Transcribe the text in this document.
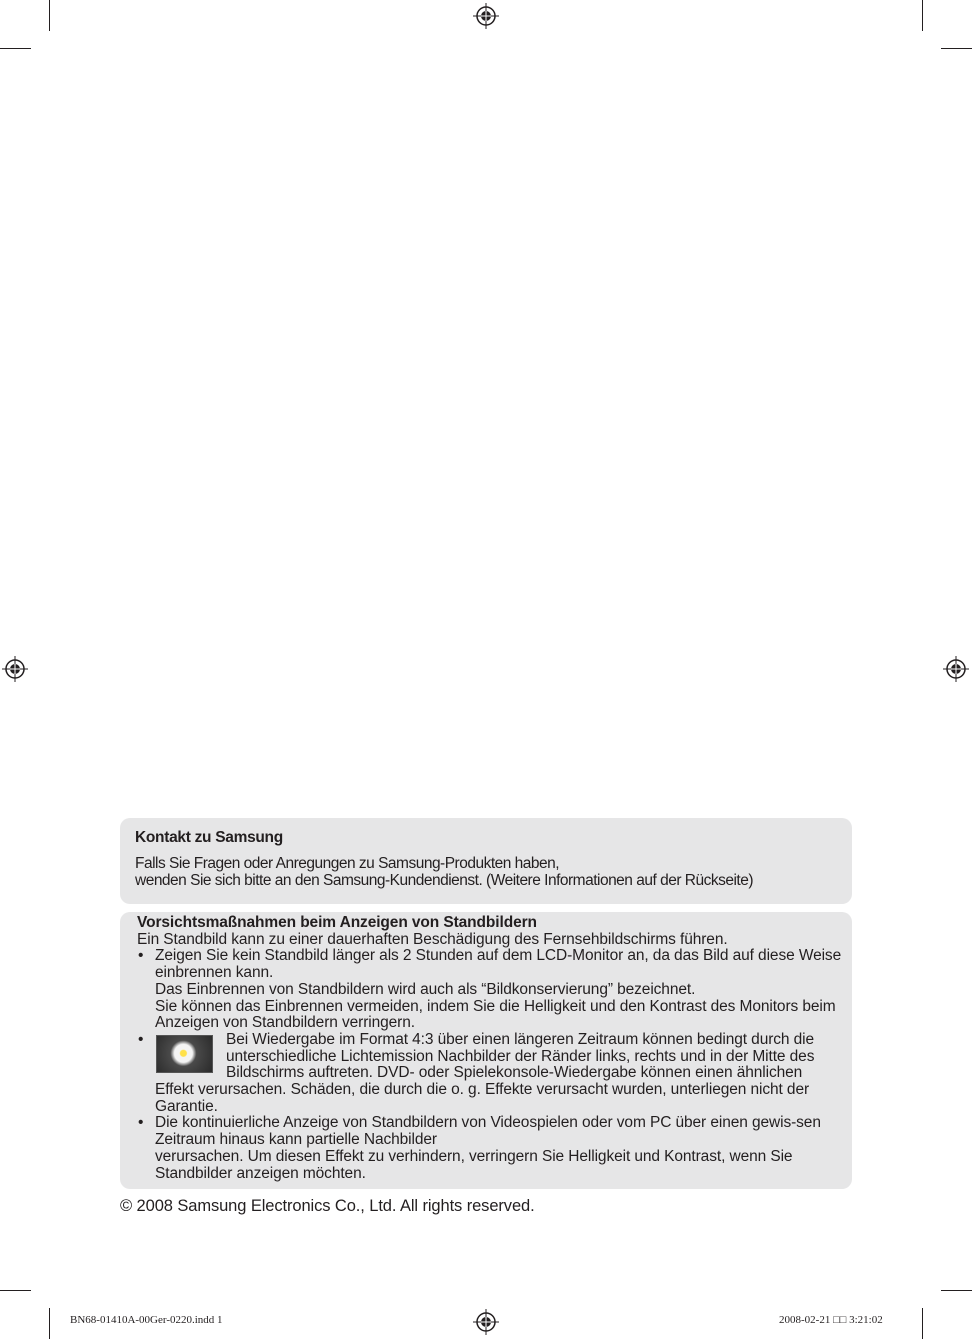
Kontakt zu Samsung
Falls Sie Fragen oder Anregungen zu Samsung-Produkten haben,
wenden Sie sich bitte an den Samsung-Kundendienst. (Weitere Informationen auf der Rückseite)
Vorsichtsmaßnahmen beim Anzeigen von Standbildern
Ein Standbild kann zu einer dauerhaften Beschädigung des Fernsehbildschirms führen.
• Zeigen Sie kein Standbild länger als 2 Stunden auf dem LCD-Monitor an, da das Bild auf diese Weise einbrennen kann.
Das Einbrennen von Standbildern wird auch als “Bildkonservierung” bezeichnet.
Sie können das Einbrennen vermeiden, indem Sie die Helligkeit und den Kontrast des Monitors beim Anzeigen von Standbildern verringern.
•	Bei Wiedergabe im Format 4:3 über einen längeren Zeitraum können bedingt durch die unterschiedliche Lichtemission Nachbilder der Ränder links, rechts und in der Mitte des Bildschirms auftreten. DVD- oder Spielekonsole-Wiedergabe können einen ähnlichen Effekt verursachen. Schäden, die durch die o. g. Effekte verursacht wurden, unterliegen nicht der Garantie.
• Die kontinuierliche Anzeige von Standbildern von Videospielen oder vom PC über einen gewis-sen Zeitraum hinaus kann partielle Nachbilder
verursachen. Um diesen Effekt zu verhindern, verringern Sie Helligkeit und Kontrast, wenn Sie Standbilder anzeigen möchten.
© 2008 Samsung Electronics Co., Ltd. All rights reserved.
BN68-01410A-00Ger-0220.indd 1	2008-02-21 □□ 3:21:02
